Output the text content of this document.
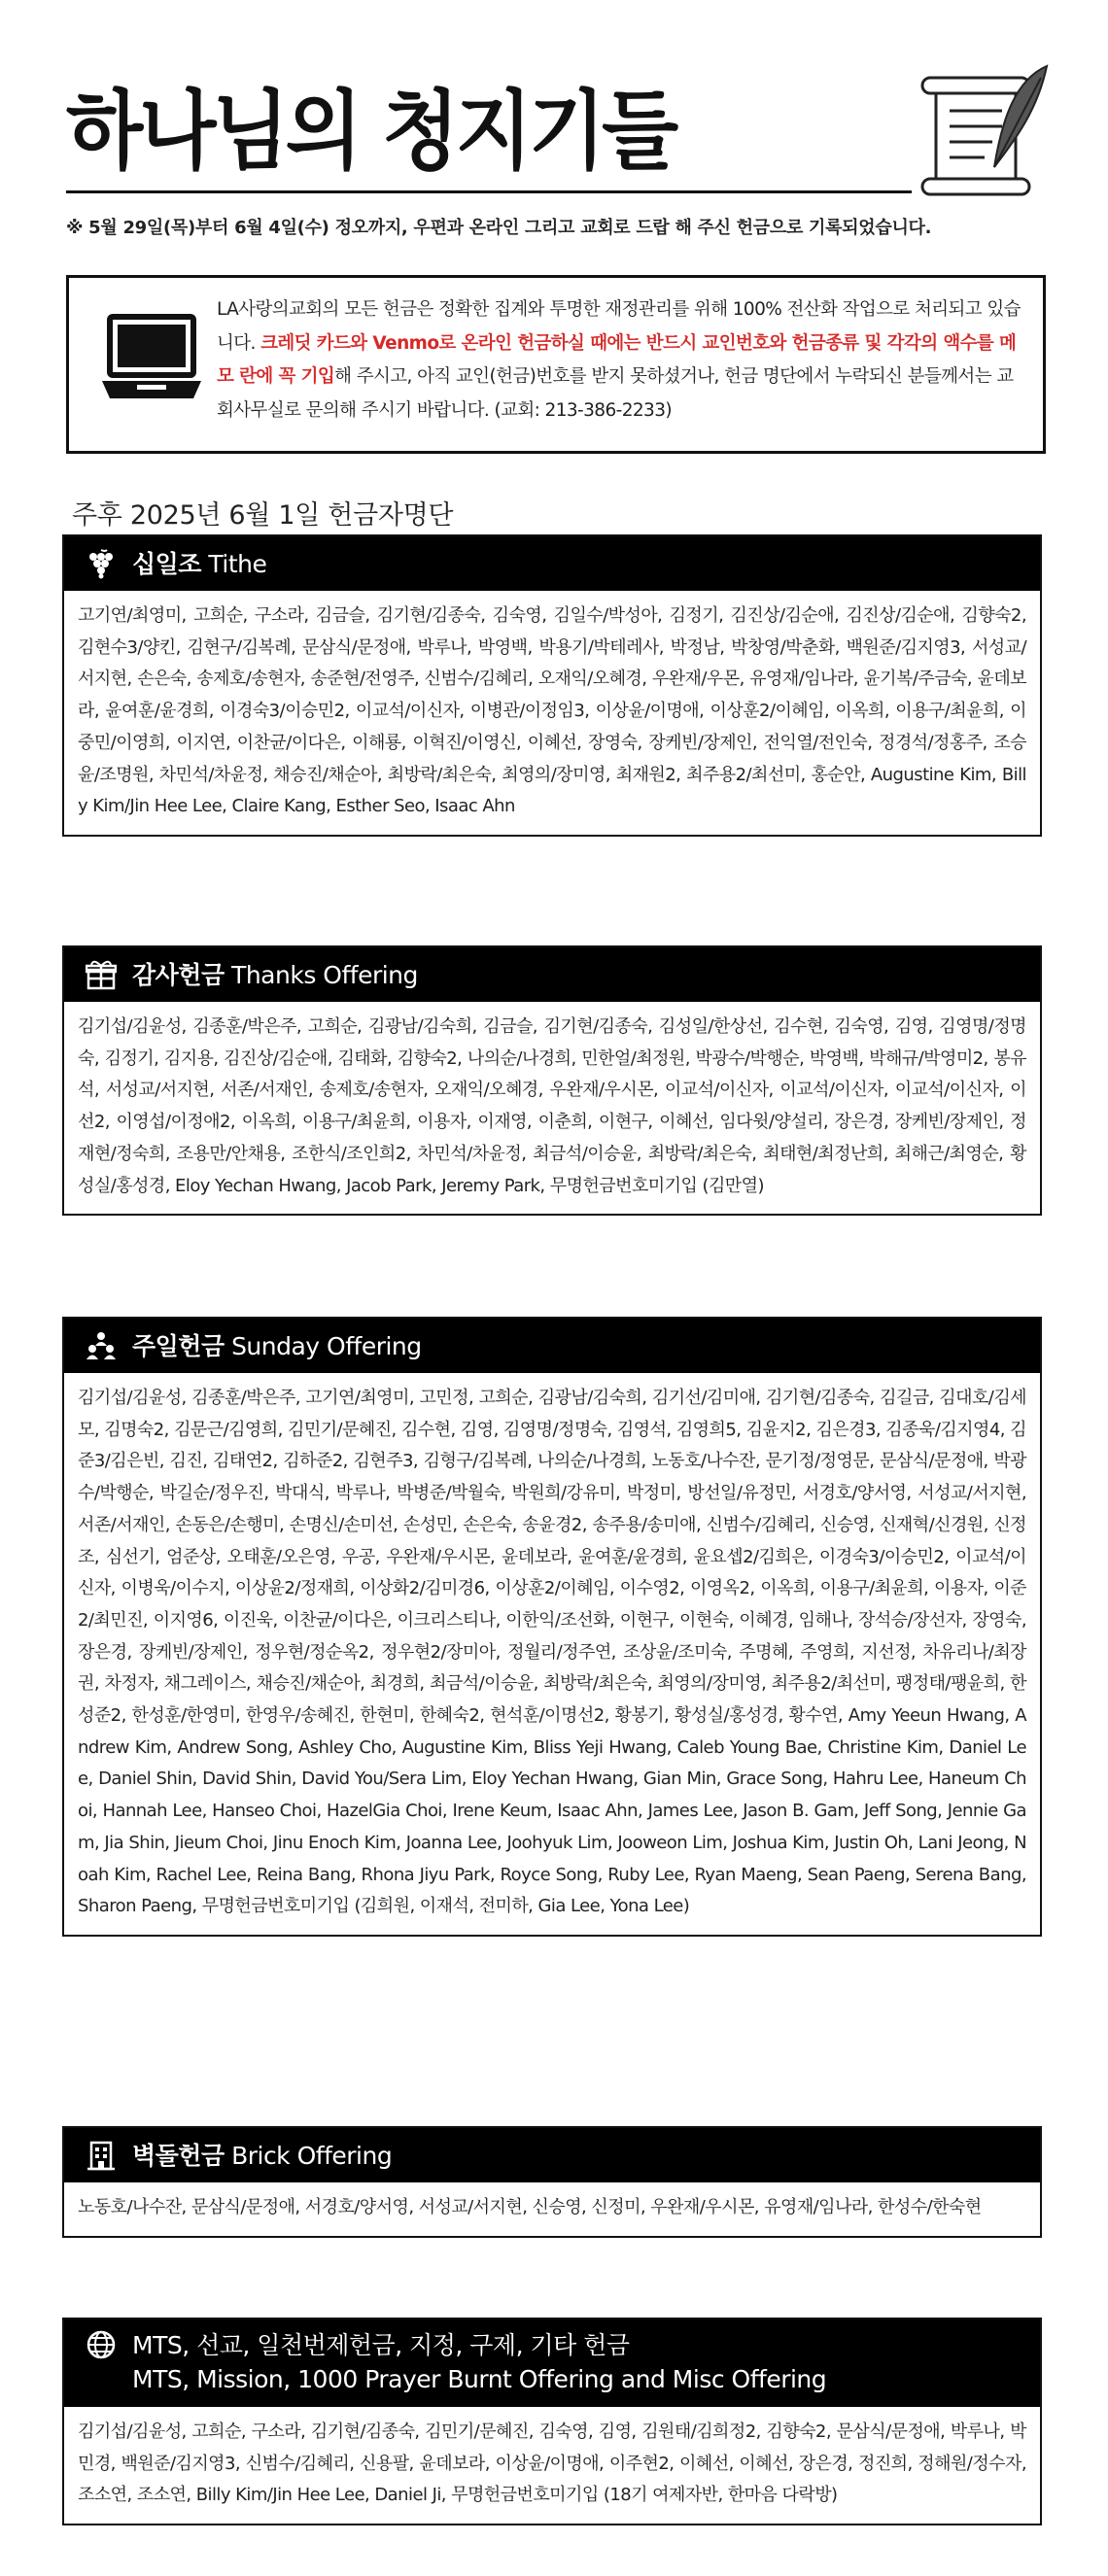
하나님의 청지기들
※ 5월 29일(목)부터 6월 4일(수) 정오까지, 우편과 온라인 그리고 교회로 드랍 해 주신 헌금으로 기록되었습니다.
LA사랑의교회의 모든 헌금은 정확한 집계와 투명한 재정관리를 위해 100% 전산화 작업으로 처리되고 있습니다. 크레딧 카드와 Venmo로 온라인 헌금하실 때에는 반드시 교인번호와 헌금종류 및 각각의 액수를 메모 란에 꼭 기입해 주시고, 아직 교인(헌금)번호를 받지 못하셨거나, 헌금 명단에서 누락되신 분들께서는 교회사무실로 문의해 주시기 바랍니다. (교회: 213-386-2233)
주후 2025년 6월 1일 헌금자명단
십일조 Tithe
고기연/최영미, 고희순, 구소라, 김금슬, 김기현/김종숙, 김숙영, 김일수/박성아, 김정기, 김진상/김순애, 김진상/김순애, 김향숙2, 김현수3/양킨, 김현구/김복례, 문삼식/문정애, 박루나, 박영백, 박용기/박테레사, 박정남, 박창영/박춘화, 백원준/김지영3, 서성교/서지현, 손은숙, 송제호/송현자, 송준현/전영주, 신범수/김혜리, 오재익/오혜경, 우완재/우몬, 유영재/임나라, 윤기복/주금숙, 윤데보라, 윤여훈/윤경희, 이경숙3/이승민2, 이교석/이신자, 이병관/이정임3, 이상윤/이명애, 이상훈2/이혜임, 이옥희, 이용구/최윤희, 이중민/이영희, 이지연, 이찬균/이다은, 이해룡, 이혁진/이영신, 이혜선, 장영숙, 장케빈/장제인, 전익열/전인숙, 정경석/정홍주, 조승윤/조명원, 차민석/차윤정, 채승진/채순아, 최방락/최은숙, 최영의/장미영, 최재원2, 최주용2/최선미, 홍순안, Augustine Kim, Billy Kim/Jin Hee Lee, Claire Kang, Esther Seo, Isaac Ahn
감사헌금 Thanks Offering
김기섭/김윤성, 김종훈/박은주, 고희순, 김광남/김숙희, 김금슬, 김기현/김종숙, 김성일/한상선, 김수현, 김숙영, 김영, 김영명/정명숙, 김정기, 김지용, 김진상/김순애, 김태화, 김향숙2, 나의순/나경희, 민한얼/최정원, 박광수/박행순, 박영백, 박해규/박영미2, 봉유석, 서성교/서지현, 서존/서재인, 송제호/송현자, 오재익/오혜경, 우완재/우시몬, 이교석/이신자, 이교석/이신자, 이교석/이신자, 이선2, 이영섭/이정애2, 이옥희, 이용구/최윤희, 이용자, 이재영, 이춘희, 이현구, 이혜선, 임다윗/양설리, 장은경, 장케빈/장제인, 정재현/정숙희, 조용만/안채용, 조한식/조인희2, 차민석/차윤정, 최금석/이승윤, 최방락/최은숙, 최태현/최정난희, 최해근/최영순, 황성실/홍성경, Eloy Yechan Hwang, Jacob Park, Jeremy Park, 무명헌금번호미기입 (김만열)
주일헌금 Sunday Offering
김기섭/김윤성, 김종훈/박은주, 고기연/최영미, 고민정, 고희순, 김광남/김숙희, 김기선/김미애, 김기현/김종숙, 김길금, 김대호/김세모, 김명숙2, 김문근/김영희, 김민기/문혜진, 김수현, 김영, 김영명/정명숙, 김영석, 김영희5, 김윤지2, 김은경3, 김종욱/김지영4, 김준3/김은빈, 김진, 김태연2, 김하준2, 김현주3, 김형구/김복례, 나의순/나경희, 노동호/나수잔, 문기정/정영문, 문삼식/문정애, 박광수/박행순, 박길순/정우진, 박대식, 박루나, 박병준/박월숙, 박원희/강유미, 박정미, 방선일/유정민, 서경호/양서영, 서성교/서지현, 서존/서재인, 손동은/손행미, 손명신/손미선, 손성민, 손은숙, 송윤경2, 송주용/송미애, 신범수/김혜리, 신승영, 신재혁/신경원, 신정조, 심선기, 엄준상, 오태훈/오은영, 우공, 우완재/우시몬, 윤데보라, 윤여훈/윤경희, 윤요셉2/김희은, 이경숙3/이승민2, 이교석/이신자, 이병욱/이수지, 이상윤2/정재희, 이상화2/김미경6, 이상훈2/이혜임, 이수영2, 이영옥2, 이옥희, 이용구/최윤희, 이용자, 이준2/최민진, 이지영6, 이진욱, 이찬균/이다은, 이크리스티나, 이한익/조선화, 이현구, 이현숙, 이혜경, 임해나, 장석승/장선자, 장영숙, 장은경, 장케빈/장제인, 정우현/정순옥2, 정우현2/장미아, 정월리/정주연, 조상윤/조미숙, 주명혜, 주영희, 지선정, 차유리나/최장권, 차정자, 채그레이스, 채승진/채순아, 최경희, 최금석/이승윤, 최방락/최은숙, 최영의/장미영, 최주용2/최선미, 팽정태/팽윤희, 한성준2, 한성훈/한영미, 한영우/송혜진, 한현미, 한혜숙2, 현석훈/이명선2, 황봉기, 황성실/홍성경, 황수연, Amy Yeeun Hwang, Andrew Kim, Andrew Song, Ashley Cho, Augustine Kim, Bliss Yeji Hwang, Caleb Young Bae, Christine Kim, Daniel Lee, Daniel Shin, David Shin, David You/Sera Lim, Eloy Yechan Hwang, Gian Min, Grace Song, Hahru Lee, Haneum Choi, Hannah Lee, Hanseo Choi, HazelGia Choi, Irene Keum, Isaac Ahn, James Lee, Jason B. Gam, Jeff Song, Jennie Gam, Jia Shin, Jieum Choi, Jinu Enoch Kim, Joanna Lee, Joohyuk Lim, Jooweon Lim, Joshua Kim, Justin Oh, Lani Jeong, Noah Kim, Rachel Lee, Reina Bang, Rhona Jiyu Park, Royce Song, Ruby Lee, Ryan Maeng, Sean Paeng, Serena Bang, Sharon Paeng, 무명헌금번호미기입 (김희원, 이재석, 전미하, Gia Lee, Yona Lee)
벽돌헌금 Brick Offering
노동호/나수잔, 문삼식/문정애, 서경호/양서영, 서성교/서지현, 신승영, 신정미, 우완재/우시몬, 유영재/임나라, 한성수/한숙현
MTS, 선교, 일천번제헌금, 지정, 구제, 기타 헌금
MTS, Mission, 1000 Prayer Burnt Offering and Misc Offering
김기섭/김윤성, 고희순, 구소라, 김기현/김종숙, 김민기/문혜진, 김숙영, 김영, 김원태/김희정2, 김향숙2, 문삼식/문정애, 박루나, 박민경, 백원준/김지영3, 신범수/김혜리, 신용팔, 윤데보라, 이상윤/이명애, 이주현2, 이혜선, 이혜선, 장은경, 정진희, 정해원/정수자, 조소연, 조소연, Billy Kim/Jin Hee Lee, Daniel Ji, 무명헌금번호미기입 (18기 여제자반, 한마음 다락방)
